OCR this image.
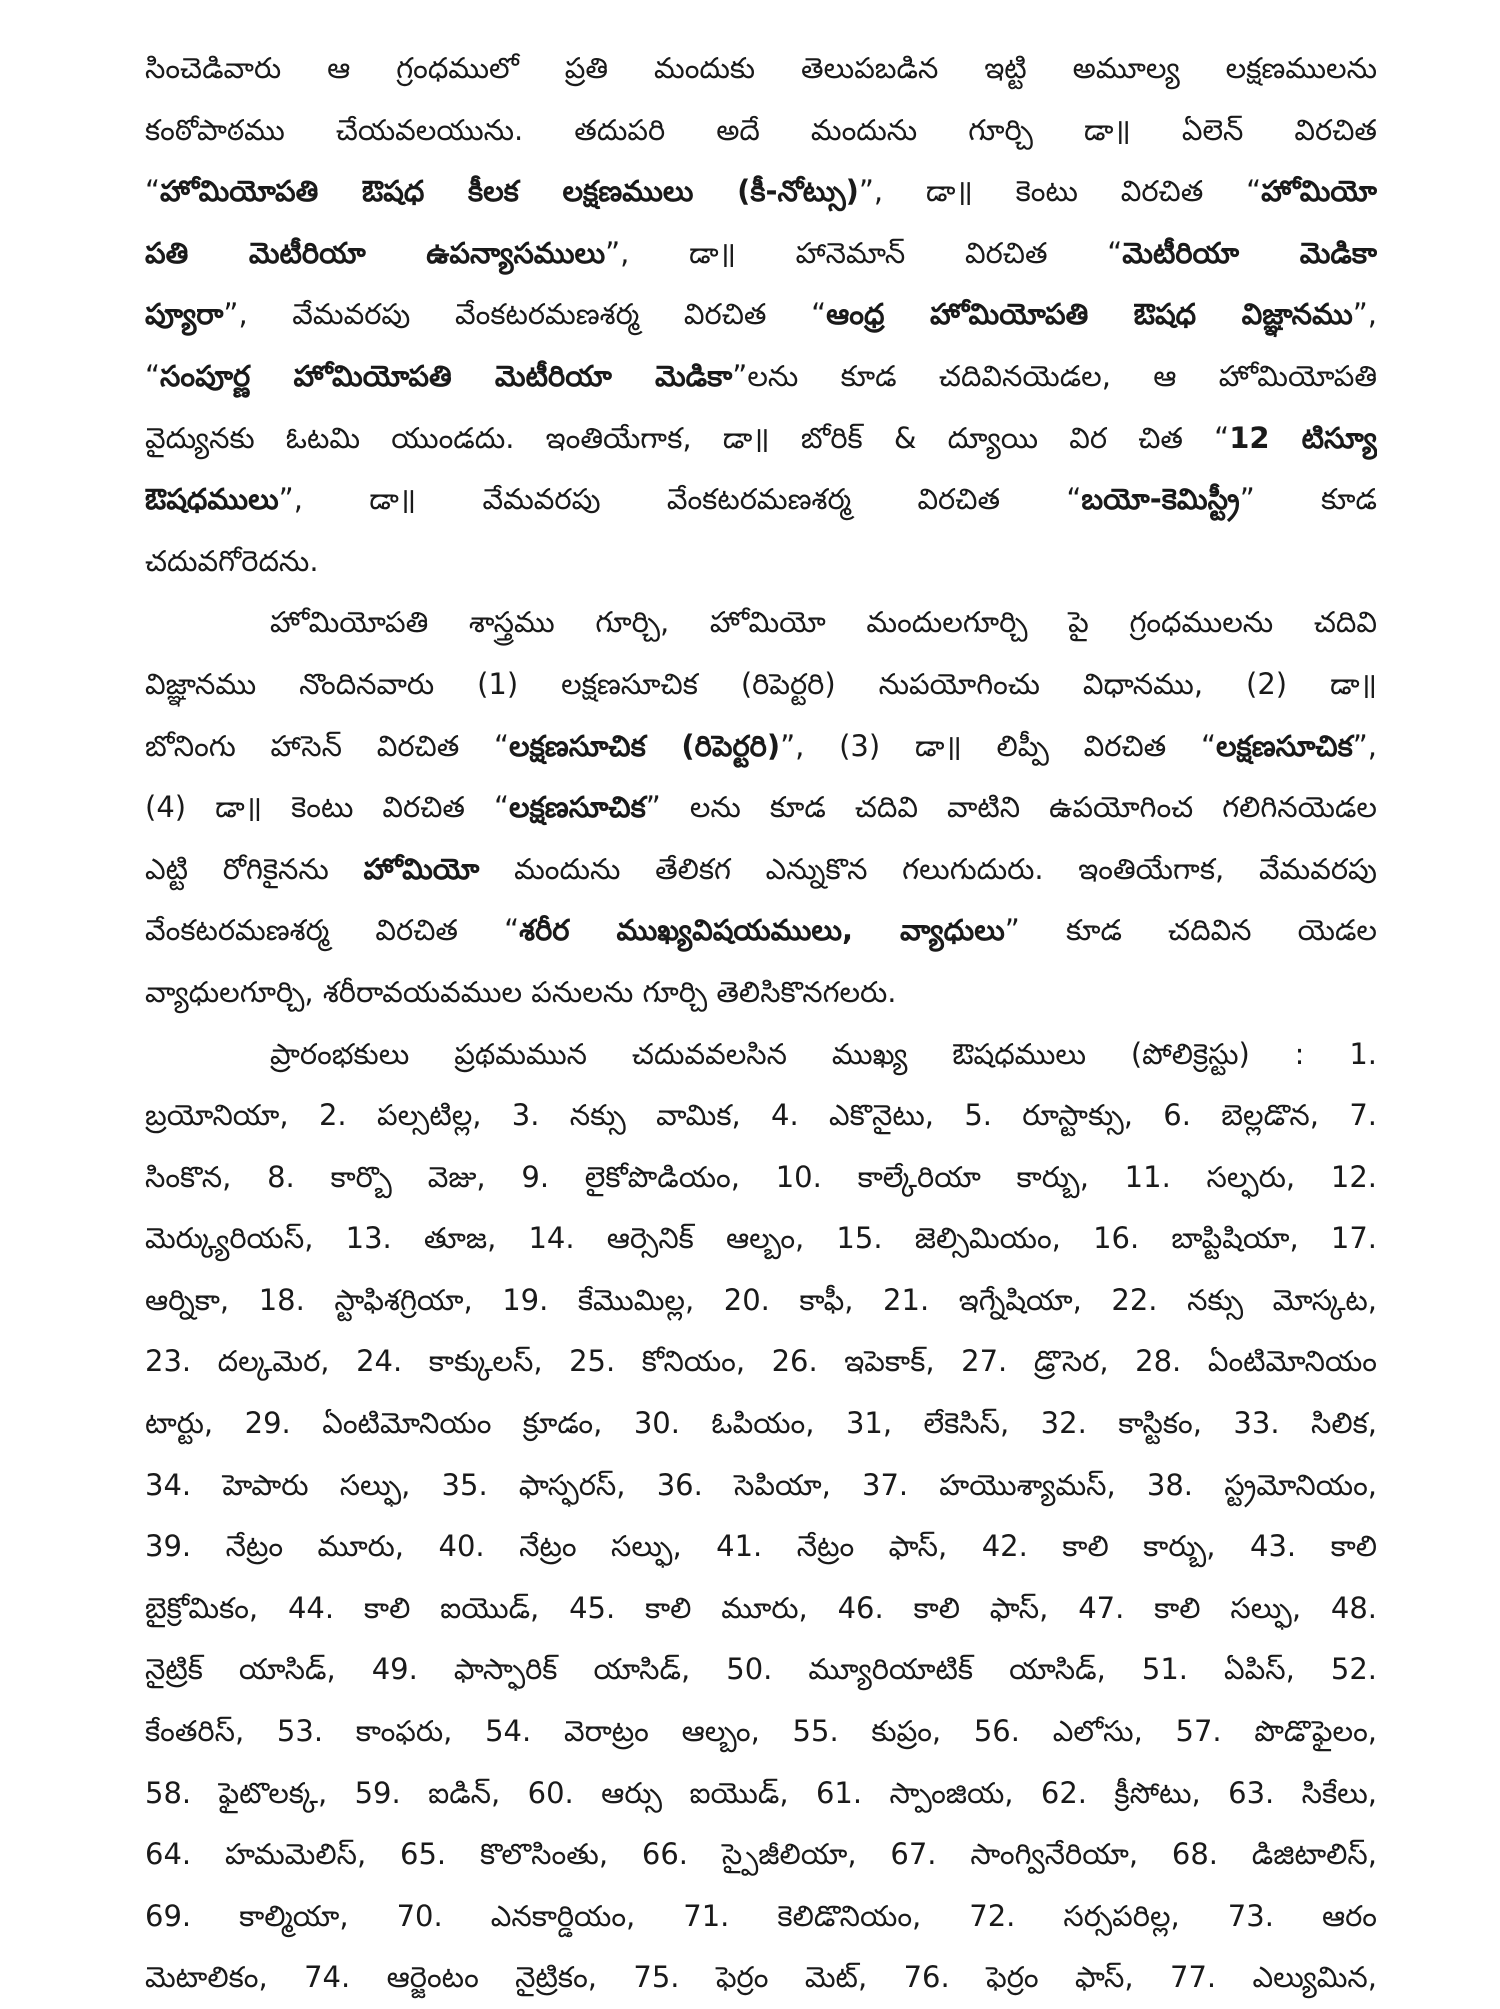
సించెడివారు ఆ గ్రంధములో ప్రతి మందుకు తెలుపబడిన ఇట్టి అమూల్య లక్షణములను
కంఠోపాఠము చేయవలయును. తదుపరి అదే మందును గూర్చి డా॥ ఏలెన్ విరచిత
“హోమియోపతి ఔషధ కీలక లక్షణములు (కీ-నోట్సు)”, డా॥ కెంటు విరచిత “హోమియో
పతి మెటీరియా ఉపన్యాసములు”, డా॥ హానెమాన్ విరచిత “మెటీరియా మెడికా
ప్యూరా”, వేమవరపు వేంకటరమణశర్మ విరచిత “ఆంధ్ర హోమియోపతి ఔషధ విజ్ఞానము”,
“సంపూర్ణ హోమియోపతి మెటీరియా మెడికా”లను కూడ చదివినయెడల, ఆ హోమియోపతి
వైద్యునకు ఓటమి యుండదు. ఇంతియేగాక, డా॥ బోరిక్ & ద్యూయి విర చిత “12 టిస్యూ
ఔషధములు”, డా॥ వేమవరపు వేంకటరమణశర్మ విరచిత “బయో-కెమిస్ట్రీ” కూడ
చదువగోరెదను.
హోమియోపతి శాస్త్రము గూర్చి, హోమియో మందులగూర్చి పై గ్రంధములను చదివి
విజ్ఞానము నొందినవారు (1) లక్షణసూచిక (రిపెర్టరి) నుపయోగించు విధానము, (2) డా॥
బోనింగు హాసెన్ విరచిత “లక్షణసూచిక (రిపెర్టరి)”, (3) డా॥ లిప్పీ విరచిత “లక్షణసూచిక”,
(4) డా॥ కెంటు విరచిత “లక్షణసూచిక” లను కూడ చదివి వాటిని ఉపయోగించ గలిగినయెడల
ఎట్టి రోగికైనను హోమియో మందును తేలికగ ఎన్నుకొన గలుగుదురు. ఇంతియేగాక, వేమవరపు
వేంకటరమణశర్మ విరచిత “శరీర ముఖ్యవిషయములు, వ్యాధులు” కూడ చదివిన యెడల
వ్యాధులగూర్చి, శరీరావయవముల పనులను గూర్చి తెలిసికొనగలరు.
ప్రారంభకులు ప్రథమమున చదువవలసిన ముఖ్య ఔషధములు (పోలిక్రెస్టు) : 1.
బ్రయోనియా, 2. పల్సటిల్ల, 3. నక్సు వామిక, 4. ఎకొనైటు, 5. రూస్టాక్సు, 6. బెల్లడొన, 7.
సింకొన, 8. కార్బొ వెజు, 9. లైకోపొడియం, 10. కాల్కేరియా కార్బు, 11. సల్ఫరు, 12.
మెర్క్యురియస్, 13. తూజ, 14. ఆర్సెనిక్ ఆల్బం, 15. జెల్సిమియం, 16. బాప్టిషియా, 17.
ఆర్నికా, 18. స్టాఫిశగ్రియా, 19. కేమొమిల్ల, 20. కాఫీ, 21. ఇగ్నేషియా, 22. నక్సు మోస్కట,
23. దల్కమెర, 24. కాక్కులస్, 25. కోనియం, 26. ఇపెకాక్, 27. డ్రొసెర, 28. ఏంటిమోనియం
టార్టు, 29. ఏంటిమోనియం క్రూడం, 30. ఓపియం, 31, లేకెసిస్, 32. కాస్టికం, 33. సిలిక,
34. హెపారు సల్ఫు, 35. ఫాస్ఫరస్, 36. సెపియా, 37. హయొశ్యామస్, 38. స్ట్రమోనియం,
39. నేట్రం మూరు, 40. నేట్రం సల్ఫు, 41. నేట్రం ఫాస్, 42. కాలి కార్బు, 43. కాలి
బైక్రోమికం, 44. కాలి ఐయొడ్, 45. కాలి మూరు, 46. కాలి ఫాస్, 47. కాలి సల్ఫు, 48.
నైట్రిక్ యాసిడ్, 49. ఫాస్ఫారిక్ యాసిడ్, 50. మ్యూరియాటిక్ యాసిడ్, 51. ఏపిస్, 52.
కేంతరిస్, 53. కాంఫరు, 54. వెరాట్రం ఆల్బం, 55. కుప్రం, 56. ఎలోసు, 57. పొడొఫైలం,
58. ఫైటొలక్క, 59. ఐడిన్, 60. ఆర్సు ఐయొడ్, 61. స్పాంజియ, 62. క్రీసోటు, 63. సికేలు,
64. హమమెలిస్, 65. కొలొసింతు, 66. స్పైజీలియా, 67. సాంగ్వినేరియా, 68. డిజిటాలిస్,
69. కాల్మియా, 70. ఎనకార్డియం, 71. కెలిడొనియం, 72. సర్సపరిల్ల, 73. ఆరం
మెటాలికం, 74. ఆర్జెంటం నైట్రికం, 75. ఫెర్రం మెట్, 76. ఫెర్రం ఫాస్, 77. ఎల్యుమిన,
